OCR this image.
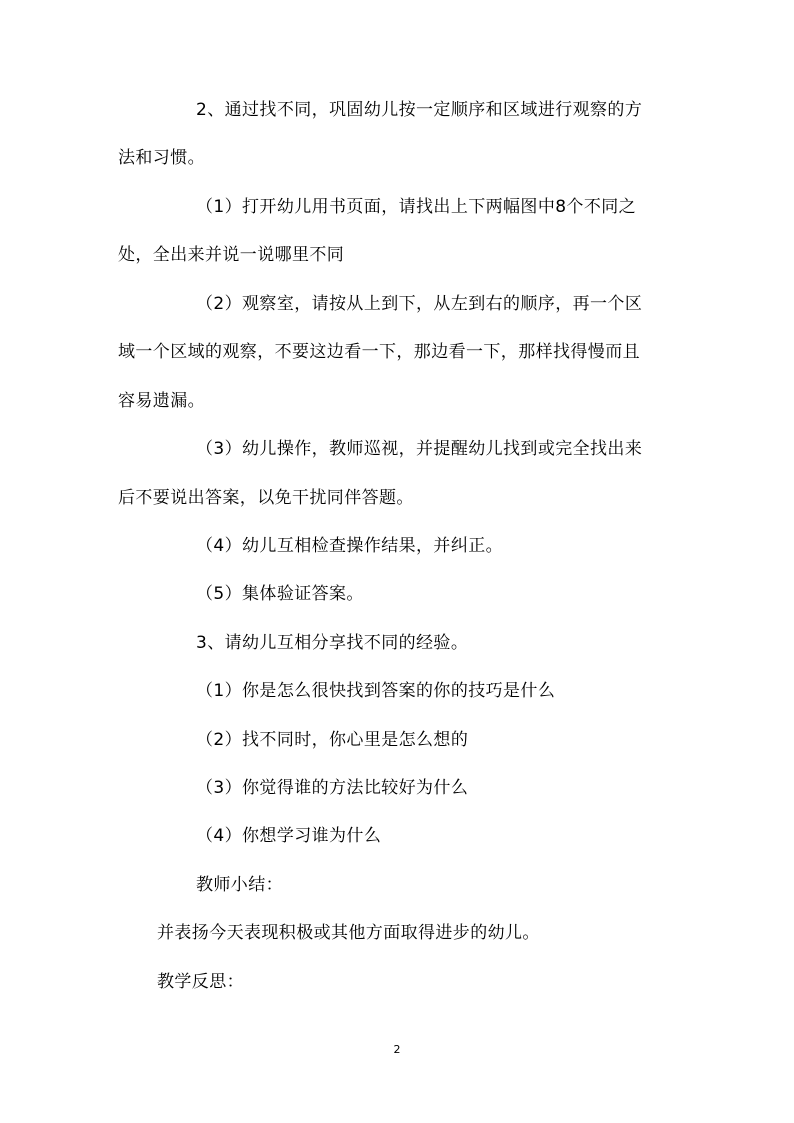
2、通过找不同，巩固幼儿按一定顺序和区域进行观察的方
法和习惯。
（1）打开幼儿用书页面，请找出上下两幅图中8个不同之
处，全出来并说一说哪里不同
（2）观察室，请按从上到下，从左到右的顺序，再一个区
域一个区域的观察，不要这边看一下，那边看一下，那样找得慢而且
容易遗漏。
（3）幼儿操作，教师巡视，并提醒幼儿找到或完全找出来
后不要说出答案，以免干扰同伴答题。
（4）幼儿互相检查操作结果，并纠正。
（5）集体验证答案。
3、请幼儿互相分享找不同的经验。
（1）你是怎么很快找到答案的你的技巧是什么
（2）找不同时，你心里是怎么想的
（3）你觉得谁的方法比较好为什么
（4）你想学习谁为什么
教师小结：
并表扬今天表现积极或其他方面取得进步的幼儿。
教学反思：
2
